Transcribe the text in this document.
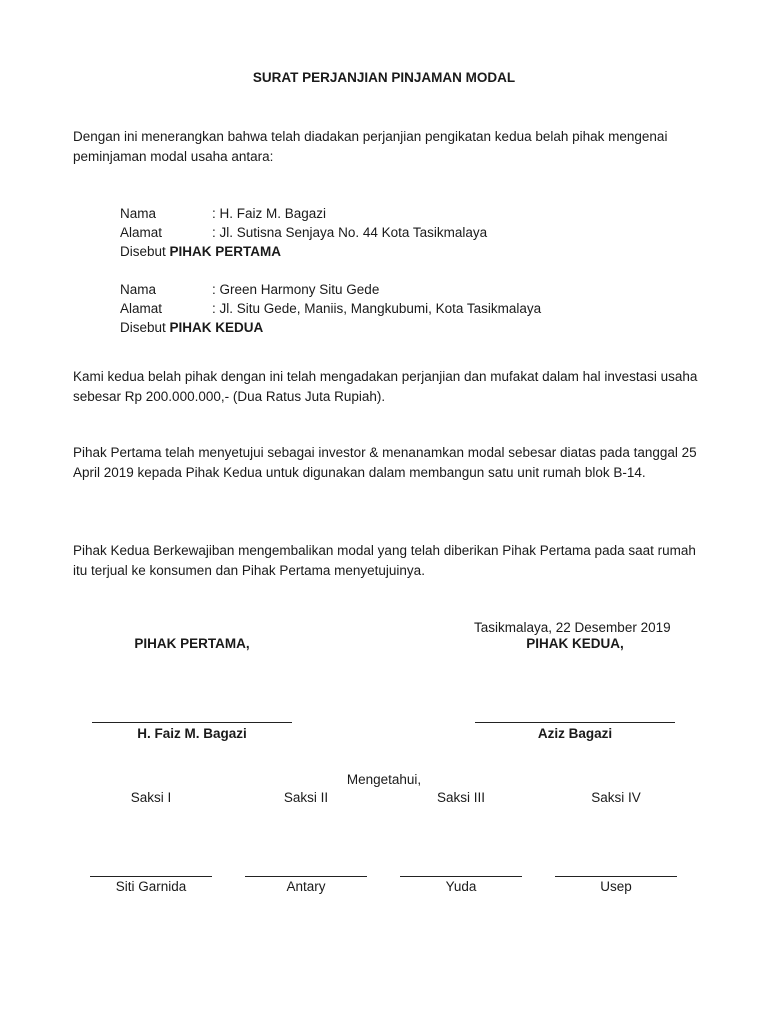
SURAT PERJANJIAN PINJAMAN MODAL
Dengan ini menerangkan bahwa telah diadakan perjanjian pengikatan kedua belah pihak mengenai peminjaman modal usaha antara:
Nama	: H. Faiz M. Bagazi
Alamat	: Jl. Sutisna Senjaya No. 44 Kota Tasikmalaya
Disebut PIHAK PERTAMA
Nama	: Green Harmony Situ Gede
Alamat	: Jl. Situ Gede, Maniis, Mangkubumi, Kota Tasikmalaya
Disebut PIHAK KEDUA
Kami kedua belah pihak dengan ini telah mengadakan perjanjian dan mufakat dalam hal investasi usaha sebesar Rp 200.000.000,- (Dua Ratus Juta Rupiah).
Pihak Pertama telah menyetujui sebagai investor & menanamkan modal sebesar diatas pada tanggal 25 April 2019 kepada Pihak Kedua untuk digunakan dalam membangun satu unit rumah blok B-14.
Pihak Kedua Berkewajiban mengembalikan modal yang telah diberikan Pihak Pertama pada saat rumah itu terjual ke konsumen dan Pihak Pertama menyetujuinya.
Tasikmalaya, 22 Desember 2019
PIHAK PERTAMA,	PIHAK KEDUA,
H. Faiz M. Bagazi	Aziz Bagazi
Mengetahui,
Saksi I	Saksi II	Saksi III	Saksi IV
Siti Garnida	Antary	Yuda	Usep
